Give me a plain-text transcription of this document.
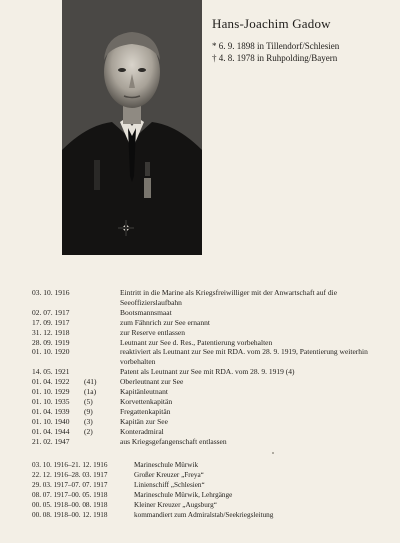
Hans-Joachim Gadow
* 6. 9. 1898 in Tillendorf/Schlesien
† 4. 8. 1978 in Ruhpolding/Bayern
03. 10. 1916	Eintritt in die Marine als Kriegsfreiwilliger mit der Anwartschaft auf die Seeoffizierslaufbahn
02. 07. 1917	Bootsmannsmaat
17. 09. 1917	zum Fähnrich zur See ernannt
31. 12. 1918	zur Reserve entlassen
28. 09. 1919	Leutnant zur See d. Res., Patentierung vorbehalten
01. 10. 1920	reaktiviert als Leutnant zur See mit RDA. vom 28. 9. 1919, Patentierung weiterhin vorbehalten
14. 05. 1921	Patent als Leutnant zur See mit RDA. vom 28. 9. 1919 (4)
01. 04. 1922	(41)	Oberleutnant zur See
01. 10. 1929	(1a)	Kapitänleutnant
01. 10. 1935	(5)	Korvettenkapitän
01. 04. 1939	(9)	Fregattenkapitän
01. 10. 1940	(3)	Kapitän zur See
01. 04. 1944	(2)	Konteradmiral
21. 02. 1947	aus Kriegsgefangenschaft entlassen
03. 10. 1916–21. 12. 1916	Marineschule Mürwik
22. 12. 1916–28. 03. 1917	Großer Kreuzer „Freya“
29. 03. 1917–07. 07. 1917	Linienschiff „Schlesien“
08. 07. 1917–00. 05. 1918	Marineschule Mürwik, Lehrgänge
00. 05. 1918–00. 08. 1918	Kleiner Kreuzer „Augsburg“
00. 08. 1918–00. 12. 1918	kommandiert zum Admiralstab/Seekriegsleitung
